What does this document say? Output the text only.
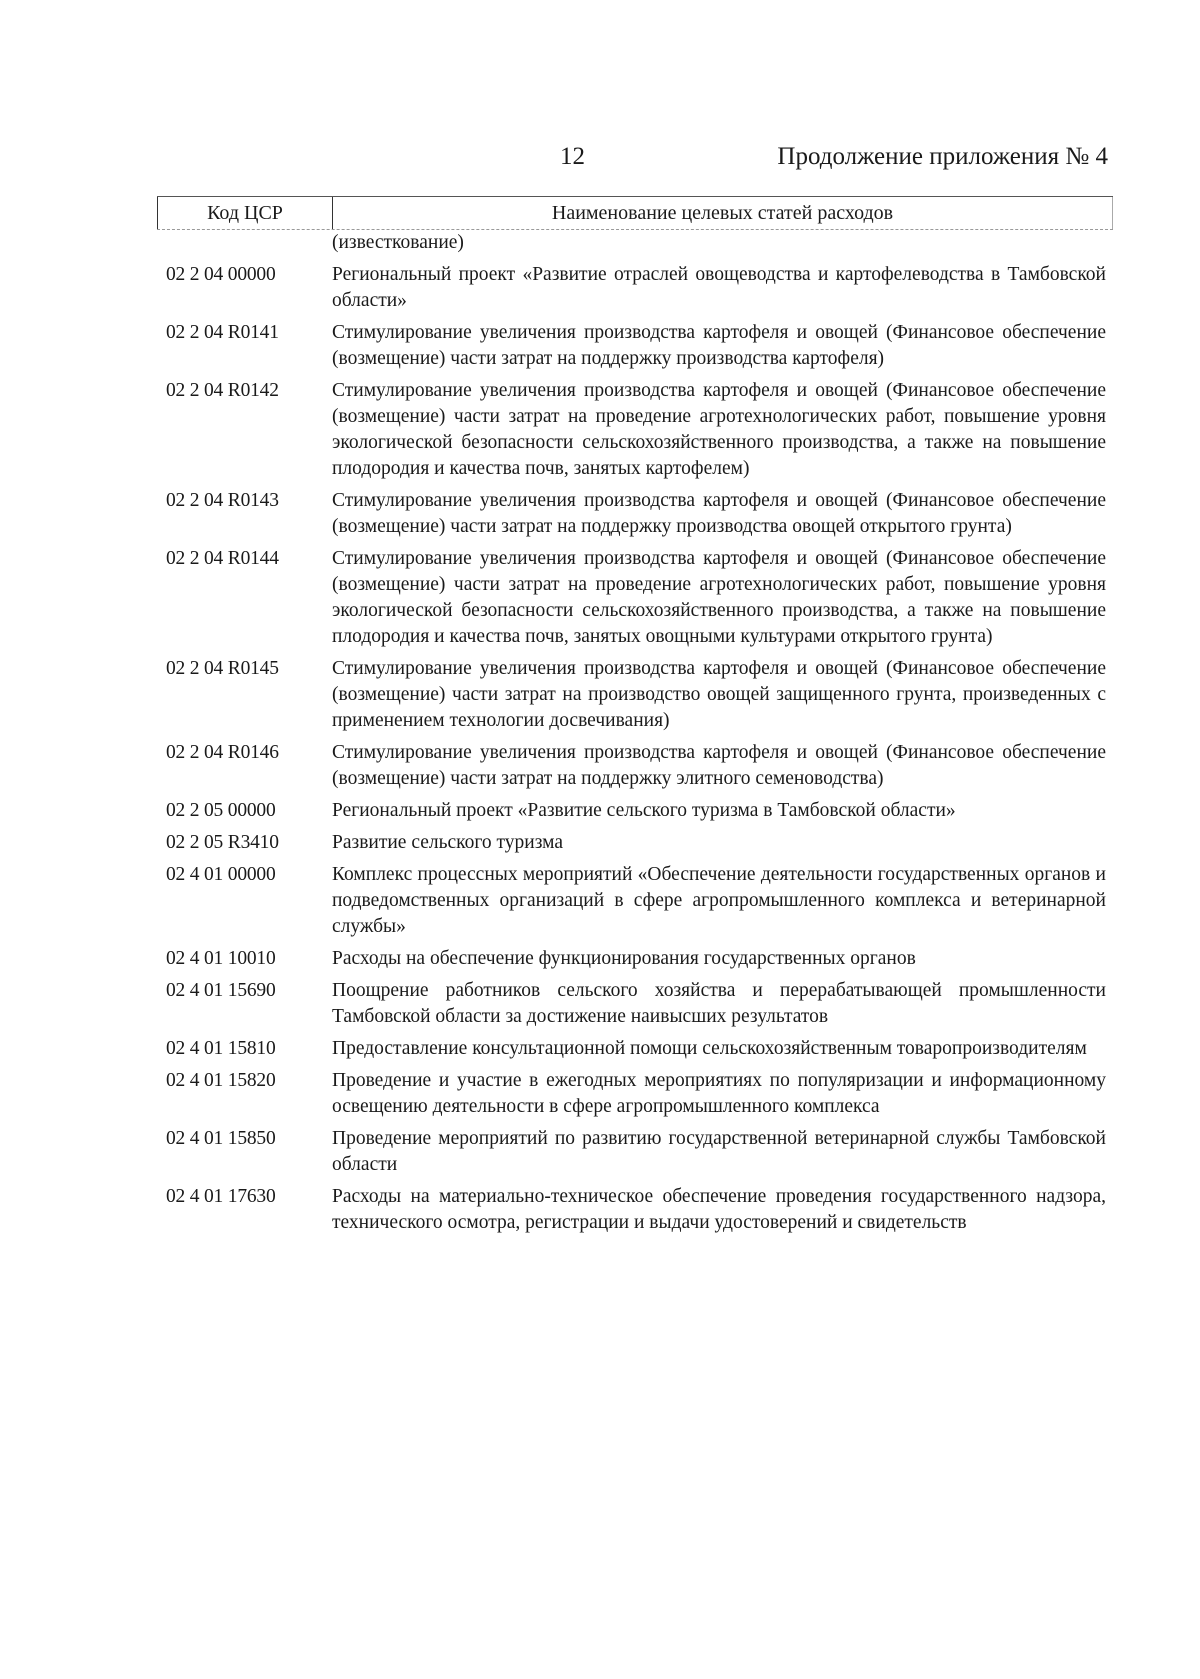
12	Продолжение приложения № 4
Код ЦСР	Наименование целевых статей расходов
(известкование)
02 2 04 00000	Региональный проект «Развитие отраслей овощеводства и картофелеводства в Тамбовской области»
02 2 04 R0141	Стимулирование увеличения производства картофеля и овощей (Финансовое обеспечение (возмещение) части затрат на поддержку производства картофеля)
02 2 04 R0142	Стимулирование увеличения производства картофеля и овощей (Финансовое обеспечение (возмещение) части затрат на проведение агротехнологических работ, повышение уровня экологической безопасности сельскохозяйственного производства, а также на повышение плодородия и качества почв, занятых картофелем)
02 2 04 R0143	Стимулирование увеличения производства картофеля и овощей (Финансовое обеспечение (возмещение) части затрат на поддержку производства овощей открытого грунта)
02 2 04 R0144	Стимулирование увеличения производства картофеля и овощей (Финансовое обеспечение (возмещение) части затрат на проведение агротехнологических работ, повышение уровня экологической безопасности сельскохозяйственного производства, а также на повышение плодородия и качества почв, занятых овощными культурами открытого грунта)
02 2 04 R0145	Стимулирование увеличения производства картофеля и овощей (Финансовое обеспечение (возмещение) части затрат на производство овощей защищенного грунта, произведенных с применением технологии досвечивания)
02 2 04 R0146	Стимулирование увеличения производства картофеля и овощей (Финансовое обеспечение (возмещение) части затрат на поддержку элитного семеноводства)
02 2 05 00000	Региональный проект «Развитие сельского туризма в Тамбовской области»
02 2 05 R3410	Развитие сельского туризма
02 4 01 00000	Комплекс процессных мероприятий «Обеспечение деятельности государственных органов и подведомственных организаций в сфере агропромышленного комплекса и ветеринарной службы»
02 4 01 10010	Расходы на обеспечение функционирования государственных органов
02 4 01 15690	Поощрение работников сельского хозяйства и перерабатывающей промышленности Тамбовской области за достижение наивысших результатов
02 4 01 15810	Предоставление консультационной помощи сельскохозяйственным товаропроизводителям
02 4 01 15820	Проведение и участие в ежегодных мероприятиях по популяризации и информационному освещению деятельности в сфере агропромышленного комплекса
02 4 01 15850	Проведение мероприятий по развитию государственной ветеринарной службы Тамбовской области
02 4 01 17630	Расходы на материально-техническое обеспечение проведения государственного надзора, технического осмотра, регистрации и выдачи удостоверений и свидетельств
